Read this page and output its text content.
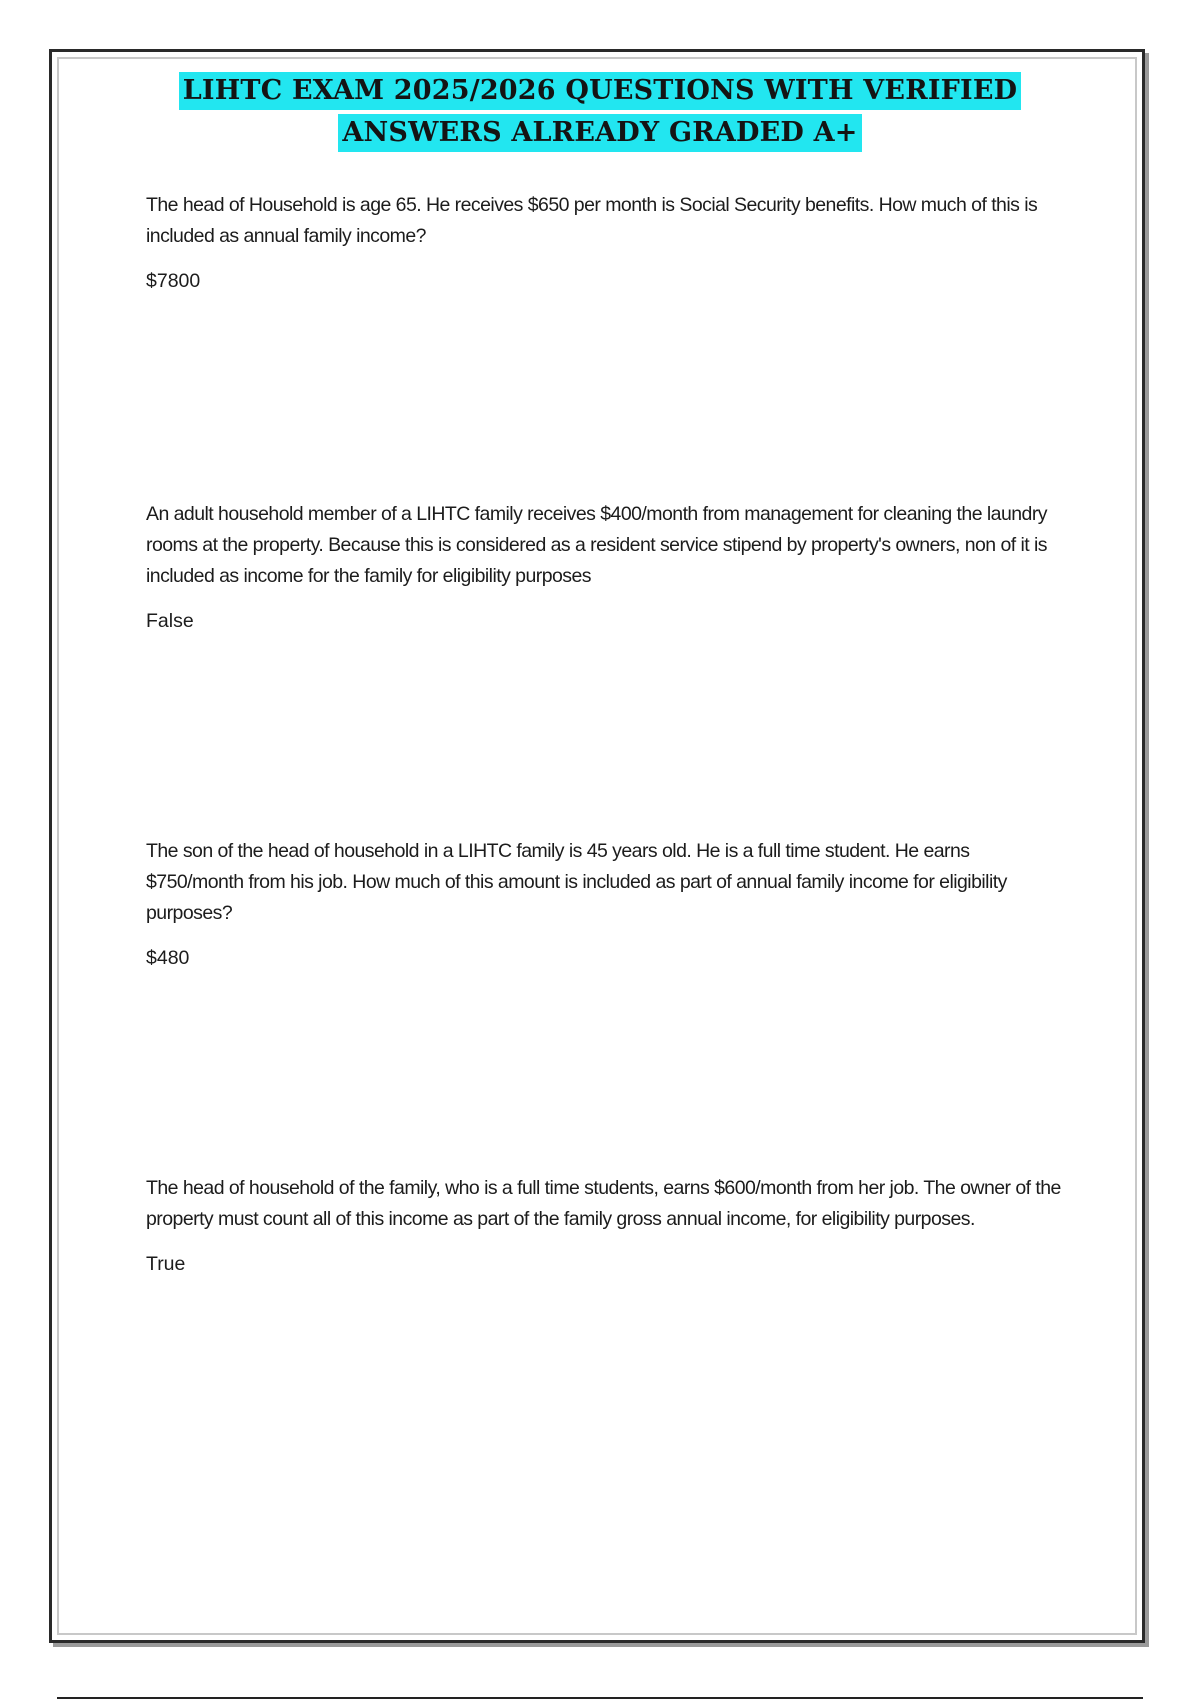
LIHTC EXAM 2025/2026 QUESTIONS WITH VERIFIED
ANSWERS ALREADY GRADED A+
The head of Household is age 65. He receives $650 per month is Social Security benefits. How much of this is included as annual family income?
$7800
An adult household member of a LIHTC family receives $400/month from management for cleaning the laundry rooms at the property. Because this is considered as a resident service stipend by property's owners, non of it is included as income for the family for eligibility purposes
False
The son of the head of household in a LIHTC family is 45 years old. He is a full time student. He earns $750/month from his job. How much of this amount is included as part of annual family income for eligibility purposes?
$480
The head of household of the family, who is a full time students, earns $600/month from her job. The owner of the property must count all of this income as part of the family gross annual income, for eligibility purposes.
True
